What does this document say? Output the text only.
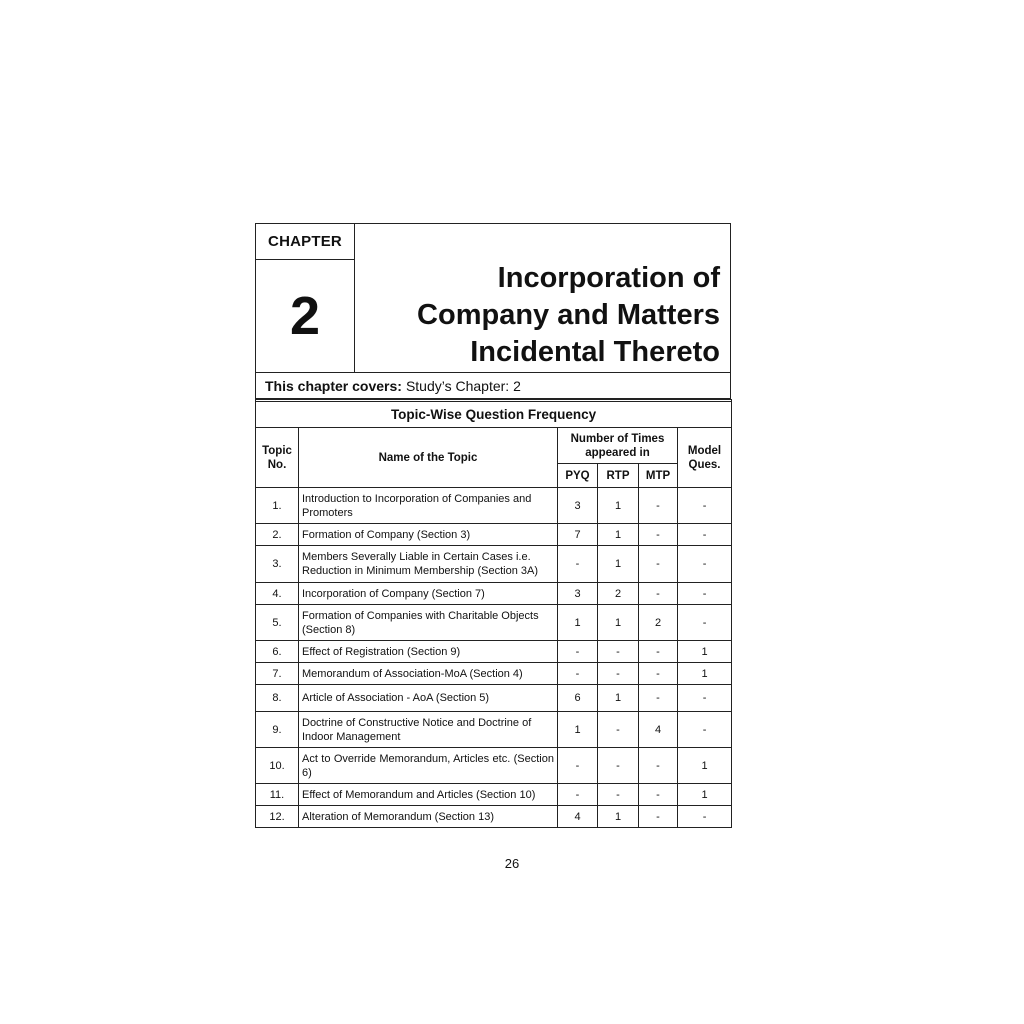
CHAPTER
2
Incorporation of
Company and Matters
Incidental Thereto
This chapter covers: Study’s Chapter: 2

Topic-Wise Question Frequency					
Topic No.	Name of the Topic	Number of Times appeared in			Model Ques.
		PYQ	RTP	MTP	
1.	Introduction to Incorporation of Companies and Promoters	3	1	-	-
2.	Formation of Company (Section 3)	7	1	-	-
3.	Members Severally Liable in Certain Cases i.e. Reduction in Minimum Membership (Section 3A)	-	1	-	-
4.	Incorporation of Company (Section 7)	3	2	-	-
5.	Formation of Companies with Charitable Objects (Section 8)	1	1	2	-
6.	Effect of Registration (Section 9)	-	-	-	1
7.	Memorandum of Association-MoA (Section 4)	-	-	-	1
8.	Article of Association - AoA (Section 5)	6	1	-	-
9.	Doctrine of Constructive Notice and Doctrine of Indoor Management	1	-	4	-
10.	Act to Override Memorandum, Articles etc. (Section 6)	-	-	-	1
11.	Effect of Memorandum and Articles (Section 10)	-	-	-	1
12.	Alteration of Memorandum (Section 13)	4	1	-	-
26
